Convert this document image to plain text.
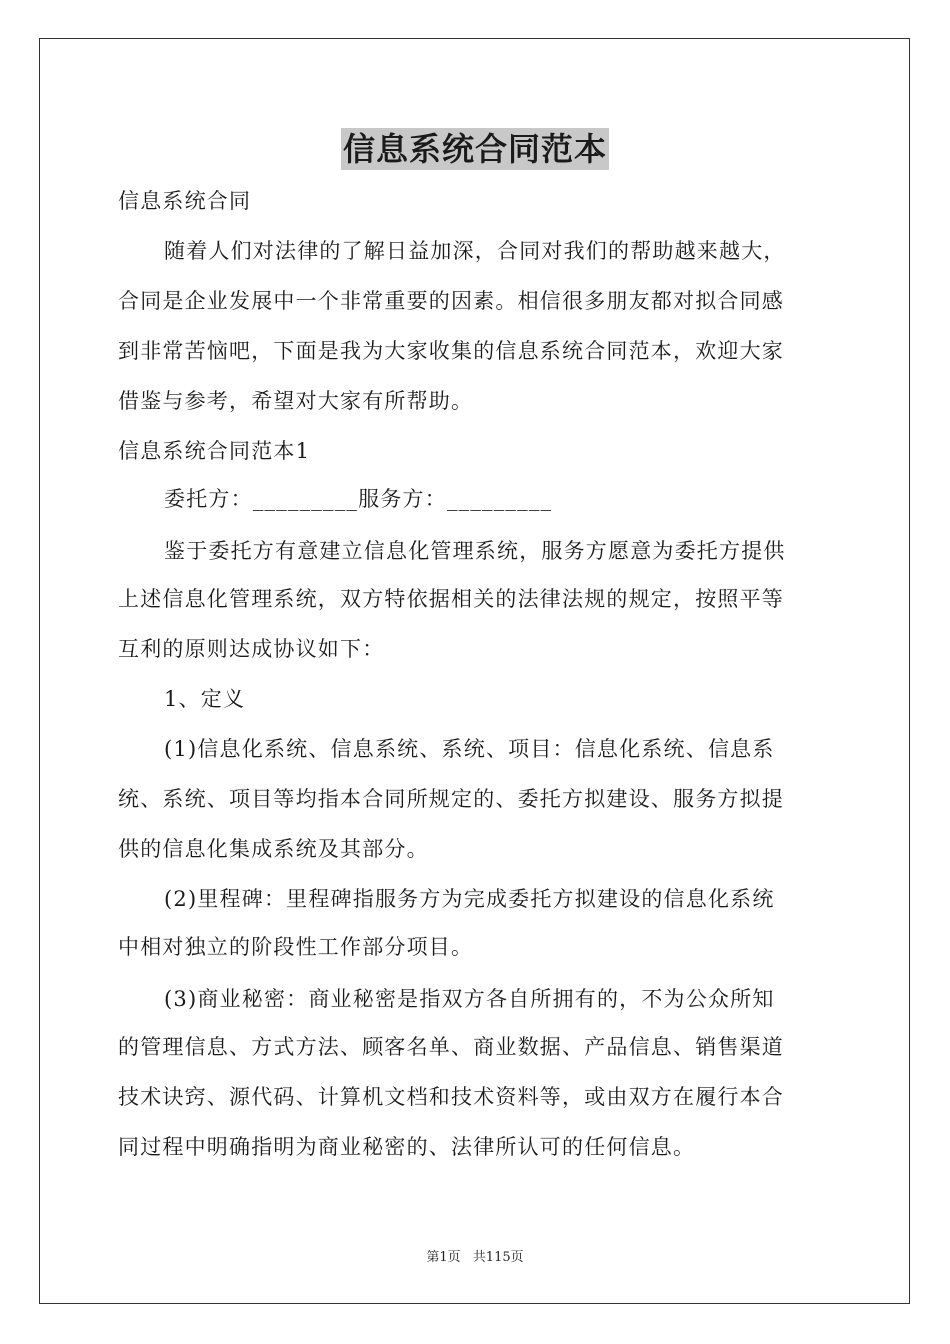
信息系统合同范本
信息系统合同
随着人们对法律的了解日益加深，合同对我们的帮助越来越大，
合同是企业发展中一个非常重要的因素。相信很多朋友都对拟合同感
到非常苦恼吧，下面是我为大家收集的信息系统合同范本，欢迎大家
借鉴与参考，希望对大家有所帮助。
信息系统合同范本1
委托方：_________服务方：_________
鉴于委托方有意建立信息化管理系统，服务方愿意为委托方提供
上述信息化管理系统，双方特依据相关的法律法规的规定，按照平等
互利的原则达成协议如下：
1、定义
(1)信息化系统、信息系统、系统、项目：信息化系统、信息系
统、系统、项目等均指本合同所规定的、委托方拟建设、服务方拟提
供的信息化集成系统及其部分。
(2)里程碑：里程碑指服务方为完成委托方拟建设的信息化系统
中相对独立的阶段性工作部分项目。
(3)商业秘密：商业秘密是指双方各自所拥有的，不为公众所知
的管理信息、方式方法、顾客名单、商业数据、产品信息、销售渠道
技术诀窍、源代码、计算机文档和技术资料等，或由双方在履行本合
同过程中明确指明为商业秘密的、法律所认可的任何信息。
第1页 共115页
